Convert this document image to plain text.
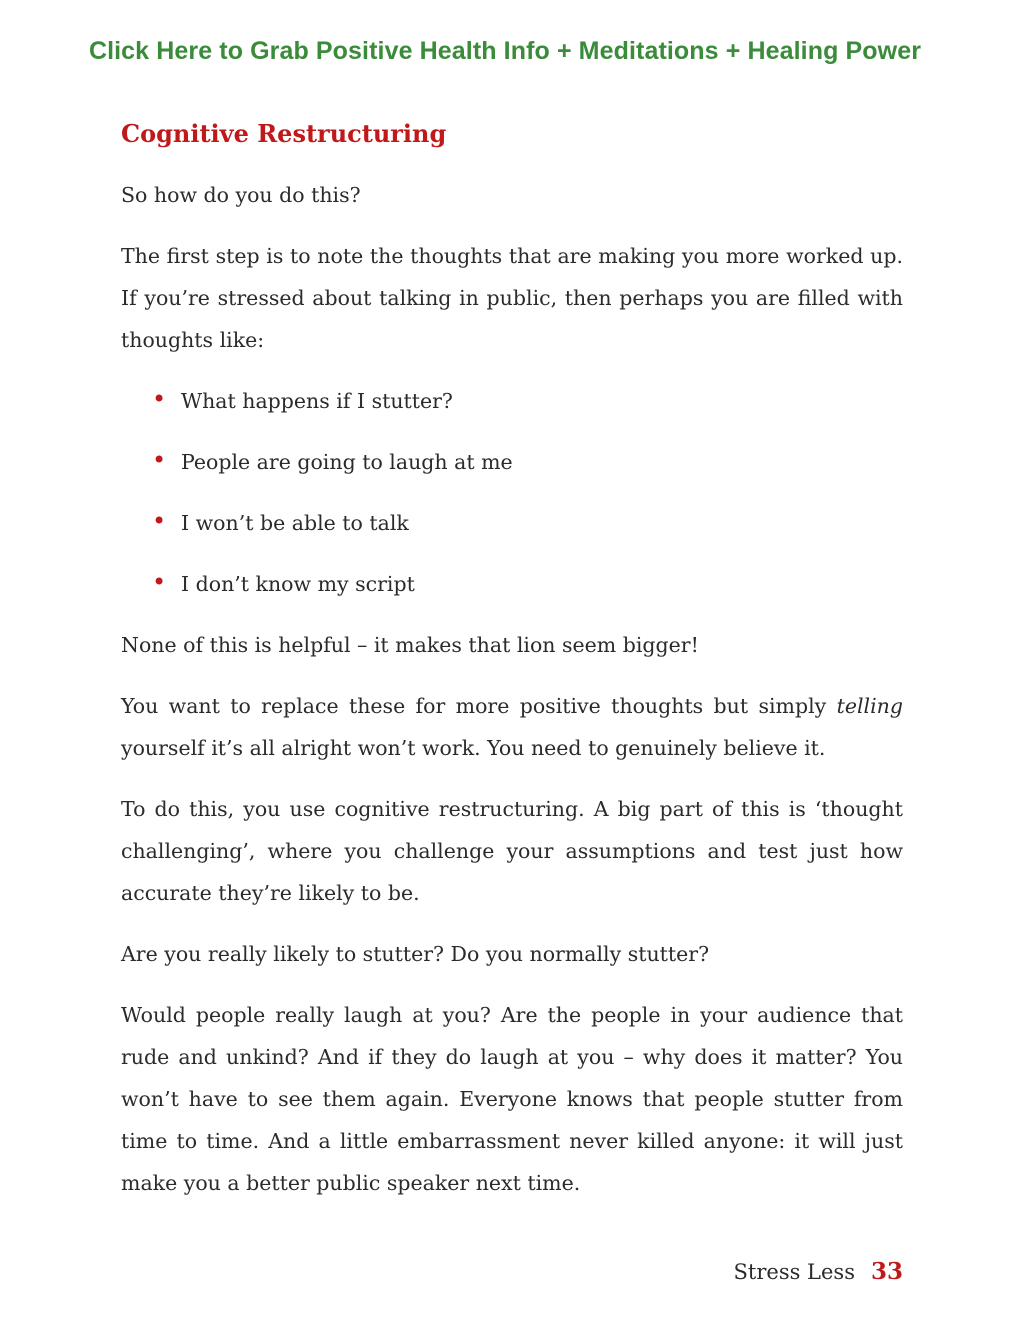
Click Here to Grab Positive Health Info + Meditations + Healing Power
Cognitive Restructuring

So how do you do this?

The first step is to note the thoughts that are making you more worked up. If you’re stressed about talking in public, then perhaps you are filled with thoughts like:

• What happens if I stutter?
• People are going to laugh at me
• I won’t be able to talk
• I don’t know my script

None of this is helpful – it makes that lion seem bigger!

You want to replace these for more positive thoughts but simply telling yourself it’s all alright won’t work. You need to genuinely believe it.

To do this, you use cognitive restructuring. A big part of this is ‘thought challenging’, where you challenge your assumptions and test just how accurate they’re likely to be.

Are you really likely to stutter? Do you normally stutter?

Would people really laugh at you? Are the people in your audience that rude and unkind? And if they do laugh at you – why does it matter? You won’t have to see them again. Everyone knows that people stutter from time to time. And a little embarrassment never killed anyone: it will just make you a better public speaker next time.

Stress Less 33
